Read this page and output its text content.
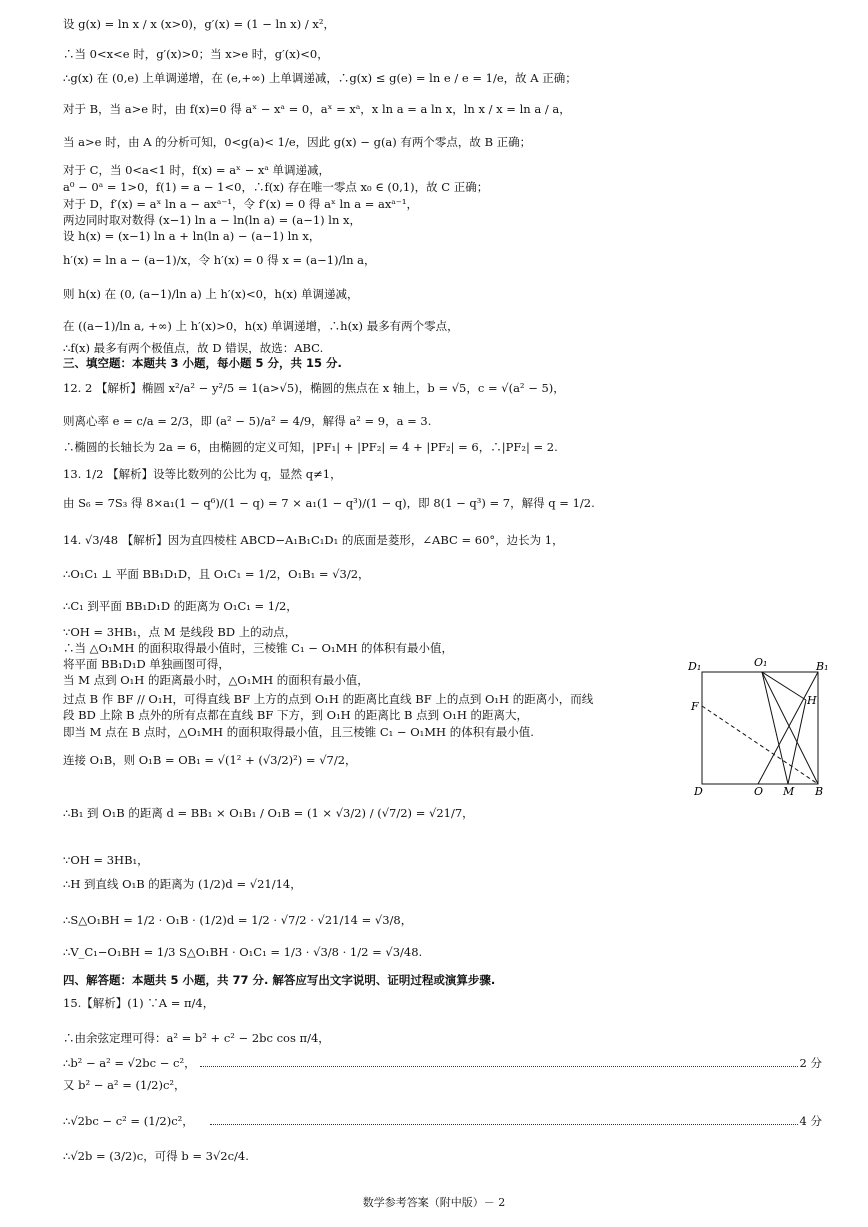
设 g(x) = ln x / x (x>0)，g′(x) = (1 − ln x) / x²，
∴当 0<x<e 时，g′(x)>0；当 x>e 时，g′(x)<0，
∴g(x) 在 (0,e) 上单调递增，在 (e,+∞) 上单调递减，∴g(x) ≤ g(e) = ln e / e = 1/e，故 A 正确；
对于 B，当 a>e 时，由 f(x)=0 得 aˣ − xᵃ = 0，aˣ = xᵃ，x ln a = a ln x，ln x / x = ln a / a，
当 a>e 时，由 A 的分析可知，0<g(a)< 1/e，因此 g(x) − g(a) 有两个零点，故 B 正确；
对于 C，当 0<a<1 时，f(x) = aˣ − xᵃ 单调递减，
a⁰ − 0ᵃ = 1>0，f(1) = a − 1<0，∴f(x) 存在唯一零点 x₀ ∈ (0,1)，故 C 正确；
对于 D，f′(x) = aˣ ln a − axᵃ⁻¹，令 f′(x) = 0 得 aˣ ln a = axᵃ⁻¹，
两边同时取对数得 (x−1) ln a − ln(ln a) = (a−1) ln x，
设 h(x) = (x−1) ln a + ln(ln a) − (a−1) ln x，
h′(x) = ln a − (a−1)/x，令 h′(x) = 0 得 x = (a−1)/ln a，
则 h(x) 在 (0, (a−1)/ln a) 上 h′(x)<0，h(x) 单调递减，
在 ((a−1)/ln a, +∞) 上 h′(x)>0，h(x) 单调递增，∴h(x) 最多有两个零点，
∴f(x) 最多有两个极值点，故 D 错误，故选：ABC.
三、填空题：本题共 3 小题，每小题 5 分，共 15 分.
12. 2 【解析】椭圆 x²/a² − y²/5 = 1(a>√5)，椭圆的焦点在 x 轴上，b = √5，c = √(a² − 5)，
则离心率 e = c/a = 2/3，即 (a² − 5)/a² = 4/9，解得 a² = 9，a = 3.
∴椭圆的长轴长为 2a = 6，由椭圆的定义可知，|PF₁| + |PF₂| = 4 + |PF₂| = 6，∴|PF₂| = 2.
13. 1/2 【解析】设等比数列的公比为 q，显然 q≠1，
由 S₆ = 7S₃ 得 8×a₁(1 − q⁶)/(1 − q) = 7 × a₁(1 − q³)/(1 − q)，即 8(1 − q³) = 7，解得 q = 1/2.
14. √3/48 【解析】因为直四棱柱 ABCD−A₁B₁C₁D₁ 的底面是菱形，∠ABC = 60°，边长为 1，
∴O₁C₁ ⊥ 平面 BB₁D₁D，且 O₁C₁ = 1/2，O₁B₁ = √3/2，
∴C₁ 到平面 BB₁D₁D 的距离为 O₁C₁ = 1/2，
∵OH = 3HB₁，点 M 是线段 BD 上的动点，
∴当 △O₁MH 的面积取得最小值时，三棱锥 C₁ − O₁MH 的体积有最小值，
将平面 BB₁D₁D 单独画图可得，
当 M 点到 O₁H 的距离最小时，△O₁MH 的面积有最小值，
过点 B 作 BF // O₁H，可得直线 BF 上方的点到 O₁H 的距离比直线 BF 上的点到 O₁H 的距离小，而线
段 BD 上除 B 点外的所有点都在直线 BF 下方，到 O₁H 的距离比 B 点到 O₁H 的距离大，
即当 M 点在 B 点时，△O₁MH 的面积取得最小值，且三棱锥 C₁ − O₁MH 的体积有最小值.
连接 O₁B，则 O₁B = OB₁ = √(1² + (√3/2)²) = √7/2，
∴B₁ 到 O₁B 的距离 d = BB₁ × O₁B₁ / O₁B = (1 × √3/2) / (√7/2) = √21/7，
∵OH = 3HB₁，
∴H 到直线 O₁B 的距离为 (1/2)d = √21/14，
∴S△O₁BH = 1/2 · O₁B · (1/2)d = 1/2 · √7/2 · √21/14 = √3/8，
∴V_C₁−O₁BH = 1/3 S△O₁BH · O₁C₁ = 1/3 · √3/8 · 1/2 = √3/48.
四、解答题：本题共 5 小题，共 77 分. 解答应写出文字说明、证明过程或演算步骤.
15.【解析】(1) ∵A = π/4，
∴由余弦定理可得：a² = b² + c² − 2bc cos π/4，
∴b² − a² = √2bc − c²，	2 分
又 b² − a² = (1/2)c²，
∴√2bc − c² = (1/2)c²，	4 分
∴√2b = (3/2)c，可得 b = 3√2c/4.
D₁	O₁	B₁
H
F
D	O M B
数学参考答案（附中版）－ 2
